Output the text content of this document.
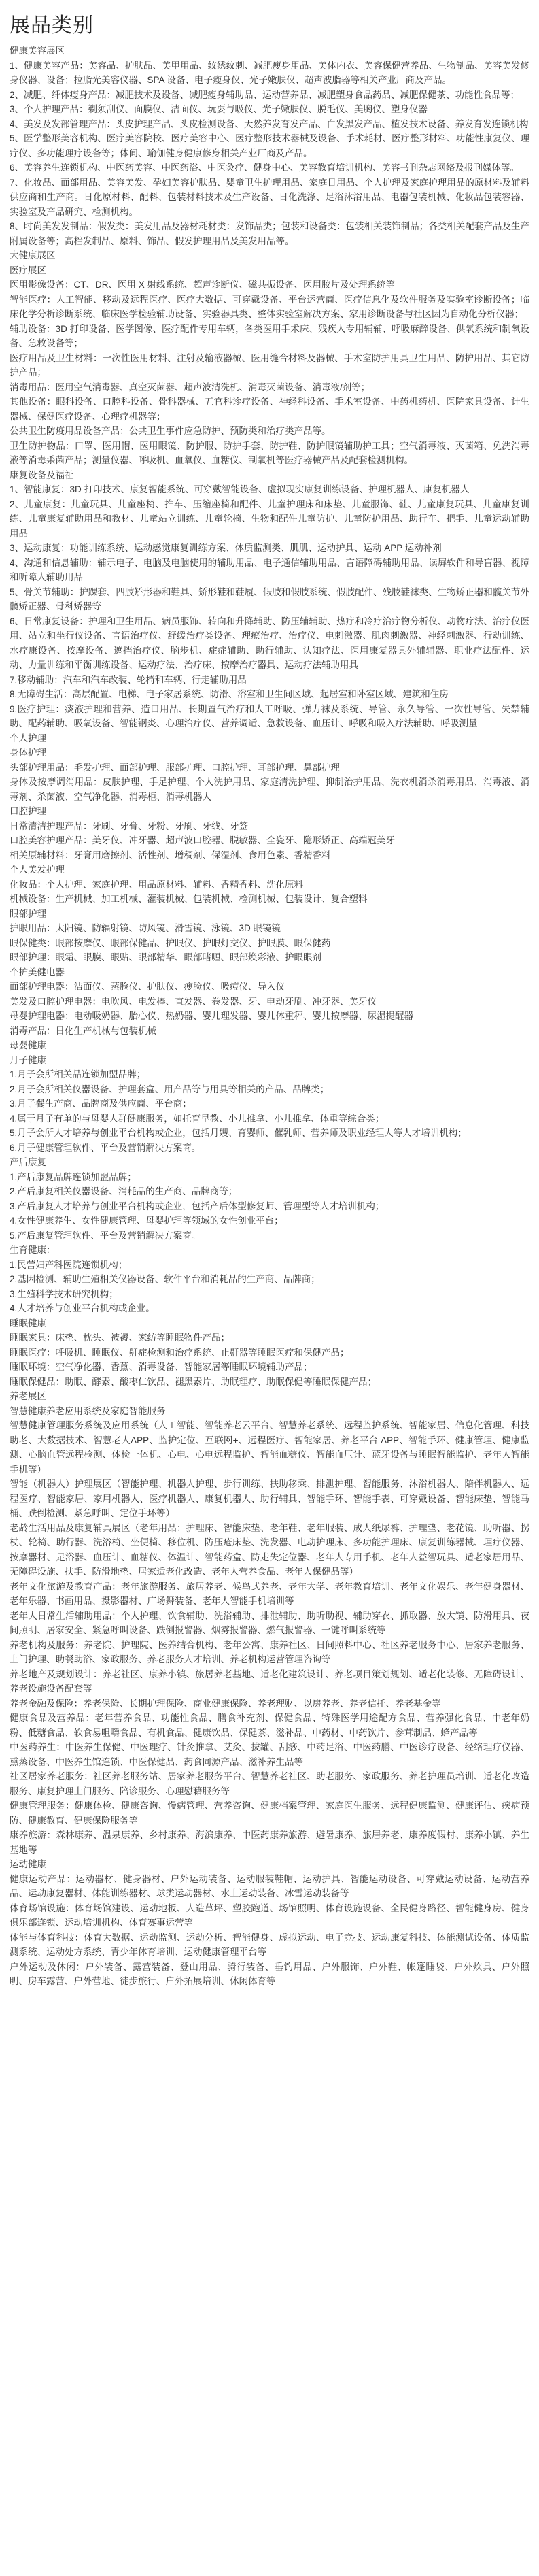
展品类别
健康美容展区
1、健康美容产品：美容品、护肤品、美甲用品、纹绣纹刺、减肥瘦身用品、美体内衣、美容保健营养品、生物制品、美容美发修身仪器、设备；拉脂光美容仪器、SPA 设备、电子瘦身仪、光子嫩肤仪、超声波脂器等相关产业厂商及产品。
2、减肥、纤体瘦身产品：减肥技术及设备、减肥瘦身辅助品、运动营养品、减肥塑身食品药品、减肥保健茶、功能性食品等；
3、个人护理产品：剃须刮仪、面膜仪、洁面仪、玩耍与吸仪、光子嫩肤仪、脱毛仪、美胸仪、塑身仪器
4、美发及发部管理产品：头皮护理产品、头皮检测设备、天然养发育发产品、白发黑发产品、植发技术设备、养发育发连锁机构
5、医学整形美容机构、医疗美容院校、医疗美容中心、医疗整形技术器械及设备、手术耗材、医疗整形材料、功能性康复仪、理疗仪、多功能理疗设备等；体间、瑜伽健身健康修身相关产业厂商及产品。
6、美容养生连锁机构、中医药美容、中医药浴、中医灸疗、健身中心、美容教育培训机构、美容书刊杂志网络及报刊媒体等。
7、化妆品、面部用品、美容美发、孕妇美容护肤品、婴童卫生护理用品、家庭日用品、个人护理及家庭护理用品的原材料及辅料供应商和生产商。日化原材料、配料、包装材料技术及生产设备、日化洗涤、足浴沐浴用品、电器包装机械、化妆品包装容器、实验室及产品研究、检测机构。
8、时尚美发发制品：假发类：美发用品及器材耗材类：发饰品类；包装和设备类：包装相关装饰制品；各类相关配套产品及生产附属设备等；高档发制品、原料、饰品、假发护理用品及美发用品等。
大健康展区
医疗展区
医用影像设备：CT、DR、医用 X 射线系统、超声诊断仪、磁共振设备、医用胶片及处理系统等
智能医疗：人工智能、移动及远程医疗、医疗大数据、可穿戴设备、平台运营商、医疗信息化及软件服务及实验室诊断设备；临床化学分析诊断系统、临床医学检验辅助设备、实验器具类、整体实验室解决方案、家用诊断设备与社区因为自动化分析仪器；
辅助设备：3D 打印设备、医学图像、医疗配件专用车辆，各类医用手术床、残疾人专用辅辅、呼吸麻醉设备、供氧系统和制氧设备、急救设备等；
医疗用品及卫生材料：一次性医用材料、注射及输液器械、医用缝合材料及器械、手术室防护用具卫生用品、防护用品、其它防护产品；
消毒用品：医用空气消毒器、真空灭菌器、超声波清洗机、消毒灭菌设备、消毒液/剂等；
其他设备：眼科设备、口腔科设备、骨科器械、五官科诊疗设备、神经科设备、手术室设备、中药机药机、医院家具设备、计生器械、保健医疗设备、心理疗机器等；
公共卫生防疫用品设备产品：公共卫生事件应急防护、预防类和治疗类产品等。
卫生防护物品：口罩、医用帽、医用眼镜、防护服、防护手套、防护鞋、防护眼镜辅助护工具；空气消毒液、灭菌箱、免洗消毒液等消毒杀菌产品；测量仪器、呼吸机、血氧仪、血糖仪、制氧机等医疗器械产品及配套检测机构。
康复设备及福祉
1、智能康复：3D 打印技术、康复智能系统、可穿戴智能设备、虚拟现实康复训练设备、护理机器人、康复机器人
2、儿童康复：儿童玩具、儿童座椅、推车、压缩座椅和配件、儿童护理床和床垫、儿童服饰、鞋、儿童康复玩具、儿童康复训练、儿童康复辅助用品和教材、儿童站立训练、儿童轮椅、生物和配件儿童防护、儿童防护用品、助行车、把手、儿童运动辅助用品
3、运动康复：功能训练系统、运动感觉康复训练方案、体质监测类、肌肌、运动护具、运动 APP 运动补剂
4、沟通和信息辅助：辅示电子、电脑及电脑使用的辅助用品、电子通信辅助用品、言语障碍辅助用品、读屏软件和导盲器、视障和听障人辅助用品
5、骨关节辅助：护踝套、四肢矫形器和鞋具、矫形鞋和鞋履、假肢和假肢系统、假肢配件、残肢鞋袜类、生物矫正器和髋关节外髋矫正器、骨科矫器等
6、日常康复设备：护理和卫生用品、病员服饰、转向和升降辅助、防压辅辅助、热疗和冷疗治疗物分析仪、动物疗法、治疗仪医用、站立和坐行仪设备、言语治疗仪、舒缓治疗类设备、理療治疗、治疗仪、电刺激器、肌肉刺激器、神经刺激器、行动训练、水疗康设备、按摩设备、遮挡治疗仪、脑步机、症症辅助、助行辅助、认知疗法、医用康复器具外辅辅器、职业疗法配件、运动、力量训练和平衡训练设备、运动疗法、治疗床、按摩治疗器具、运动疗法辅助用具
7.移动辅助：汽车和汽车改装、轮椅和车辆、行走辅助用品
8.无障碍生活：高层配置、电梯、电子家居系统、防滑、浴室和卫生间区域、起居室和卧室区域、建筑和住房
9.医疗护理：痰液护理和营养、造口用品、长期置气治疗和人工呼吸、弹力袜及系统、导管、永久导管、一次性导管、失禁辅助、配药辅助、吸氧设备、智能钢炎、心理治疗仪、营养调适、急救设备、血压计、呼吸和吸入疗法辅助、呼吸测量
个人护理
身体护理
头部护理用品：毛发护理、面部护理、服部护理、口腔护理、耳部护理、鼻部护理
身体及按摩调消用品：皮肤护理、手足护理、个人洗护用品、家庭清洗护理、抑制治护用品、洗衣机消杀消毒用品、消毒液、消毒剂、杀菌液、空气净化器、消毒柜、消毒机器人
口腔护理
日常清洁护理产品：牙刷、牙膏、牙粉、牙刷、牙线、牙签
口腔美容护理产品：美牙仪、冲牙器、超声波口腔器、脱敏器、全瓷牙、隐形矫正、高端冠美牙
相关原辅材料：牙膏用磨擦剂、活性剂、增稠剂、保湿剂、食用色素、香精香料
个人美发护理
化妆品：个人护理、家庭护理、用品原材料、辅料、香精香料、洗化原料
机械设备：生产机械、加工机械、灌装机械、包装机械、检测机械、包装设计、复合塑料
眼部护理
护眼用品：太阳镜、防辐射镜、防风镜、滑雪镜、泳镜、3D 眼镜镜
眼保健类：眼部按摩仪、眼部保健品、护眼仪、护眼灯交仪、护眼膜、眼保健药
眼部护理：眼霜、眼膜、眼贴、眼部精华、眼部啫喱、眼部焕彩液、护眼眼剂
个护美健电器
面部护理电器：洁面仪、蒸脸仪、护肤仪、瘦脸仪、吸痘仪、导入仪
美发及口腔护理电器：电吹风、电发棒、直发器、卷发器、牙、电动牙刷、冲牙器、美牙仪
母婴护理电器：电动吸奶器、胎心仪、热奶器、婴儿理发器、婴儿体重秤、婴儿按摩器、尿湿提醒器
消毒产品：日化生产机械与包装机械
母婴健康
月子健康
1.月子会所相关品连锁加盟品牌；
2.月子会所相关仪器设备、护理套盒、用产品等与用具等相关的产品、品牌类；
3.月子餐生产商、品牌商及供应商、平台商；
4.属于月子有单的与母婴人群健康服务，如托育早教、小儿推拿、小儿推拿、体重等综合类；
5.月子会所人才培养与创业平台机构或企业，包括月嫂、育婴师、催乳师、营养师及职业经理人等人才培训机构；
6.月子健康管理软件、平台及营销解决方案商。
产后康复
1.产后康复品牌连锁加盟品牌；
2.产后康复相关仪器设备、消耗品的生产商、品牌商等；
3.产后康复人才培养与创业平台机构或企业，包括产后体型修复师、管理型等人才培训机构；
4.女性健康养生、女性健康管理、母婴护理等领域的女性创业平台；
5.产后康复管理软件、平台及营销解决方案商。
生育健康：
1.民营妇产科医院连锁机构；
2.基因检测、辅助生殖相关仪器设备、软件平台和消耗品的生产商、品牌商；
3.生殖科学技术研究机构；
4.人才培养与创业平台机构或企业。
睡眠健康
睡眠家具：床垫、枕头、被褥、家纺等睡眠物件产品；
睡眠医疗：呼吸机、睡眠仪、鼾症检测和治疗系统、止鼾器等睡眠医疗和保健产品；
睡眠环境：空气净化器、香薰、消毒设备、智能家居等睡眠环境辅助产品；
睡眠保健品：助眠、酵素、酸枣仁饮品、褪黑素片、助眠理疗、助眠保健等睡眠保健产品；
养老展区
智慧健康养老应用系统及家庭智能服务
智慧健康管理服务系统及应用系统（人工智能、智能养老云平台、智慧养老系统、远程监护系统、智能家居、信息化管理、科技助老、大数据技术、智慧老人APP、监护定位、互联网+、远程医疗、智能家居、养老平台 APP、智能手环、健康管理、健康监测、心脑血管远程检测、体检一体机、心电、心电远程监护、智能血糖仪、智能血压计、蓝牙设备与睡眠智能监护、老年人智能手机等）
智能（机器人）护理展区（智能护理、机器人护理、步行训练、扶助移乘、排泄护理、智能服务、沐浴机器人、陪伴机器人、远程医疗、智能家居、家用机器人、医疗机器人、康复机器人、助行辅具、智能手环、智能手表、可穿戴设备、智能床垫、智能马桶、跌倒检测、紧急呼叫、定位手环等）
老龄生活用品及康复辅具展区（老年用品：护理床、智能床垫、老年鞋、老年服装、成人纸尿裤、护理垫、老花镜、助听器、拐杖、轮椅、助行器、洗浴椅、坐便椅、移位机、防压疮床垫、洗发器、电动护理床、多功能护理床、康复训练器械、理疗仪器、按摩器材、足浴器、血压计、血糖仪、体温计、智能药盒、防走失定位器、老年人专用手机、老年人益智玩具、适老家居用品、无障碍设施、扶手、防滑地垫、居家适老化改造、老年人营养食品、老年人保健品等）
老年文化旅游及教育产品：老年旅游服务、旅居养老、候鸟式养老、老年大学、老年教育培训、老年文化娱乐、老年健身器材、老年乐器、书画用品、摄影器材、广场舞装备、老年人智能手机培训等
老年人日常生活辅助用品：个人护理、饮食辅助、洗浴辅助、排泄辅助、助听助视、辅助穿衣、抓取器、放大镜、防滑用具、夜间照明、居家安全、紧急呼叫设备、跌倒报警器、烟雾报警器、燃气报警器、一键呼叫系统等
养老机构及服务：养老院、护理院、医养结合机构、老年公寓、康养社区、日间照料中心、社区养老服务中心、居家养老服务、上门护理、助餐助浴、家政服务、养老服务人才培训、养老机构运营管理咨询等
养老地产及规划设计：养老社区、康养小镇、旅居养老基地、适老化建筑设计、养老项目策划规划、适老化装修、无障碍设计、养老设施设备配套等
养老金融及保险：养老保险、长期护理保险、商业健康保险、养老理财、以房养老、养老信托、养老基金等
健康食品及营养品：老年营养食品、功能性食品、膳食补充剂、保健食品、特殊医学用途配方食品、营养强化食品、中老年奶粉、低糖食品、软食易咀嚼食品、有机食品、健康饮品、保健茶、滋补品、中药材、中药饮片、参茸制品、蜂产品等
中医药养生：中医养生保健、中医理疗、针灸推拿、艾灸、拔罐、刮痧、中药足浴、中医药膳、中医诊疗设备、经络理疗仪器、熏蒸设备、中医养生馆连锁、中医保健品、药食同源产品、滋补养生品等
社区居家养老服务：社区养老服务站、居家养老服务平台、智慧养老社区、助老服务、家政服务、养老护理员培训、适老化改造服务、康复护理上门服务、陪诊服务、心理慰藉服务等
健康管理服务：健康体检、健康咨询、慢病管理、营养咨询、健康档案管理、家庭医生服务、远程健康监测、健康评估、疾病预防、健康教育、健康保险服务等
康养旅游：森林康养、温泉康养、乡村康养、海滨康养、中医药康养旅游、避暑康养、旅居养老、康养度假村、康养小镇、养生基地等
运动健康
健康运动产品：运动器材、健身器材、户外运动装备、运动服装鞋帽、运动护具、智能运动设备、可穿戴运动设备、运动营养品、运动康复器材、体能训练器材、球类运动器材、水上运动装备、冰雪运动装备等
体育场馆设施：体育场馆建设、运动地板、人造草坪、塑胶跑道、场馆照明、体育设施设备、全民健身路径、智能健身房、健身俱乐部连锁、运动培训机构、体育赛事运营等
体能与体育科技：体育大数据、运动监测、运动分析、智能健身、虚拟运动、电子竞技、运动康复科技、体能测试设备、体质监测系统、运动处方系统、青少年体育培训、运动健康管理平台等
户外运动及休闲：户外装备、露营装备、登山用品、骑行装备、垂钓用品、户外服饰、户外鞋、帐篷睡袋、户外炊具、户外照明、房车露营、户外营地、徒步旅行、户外拓展培训、休闲体育等
